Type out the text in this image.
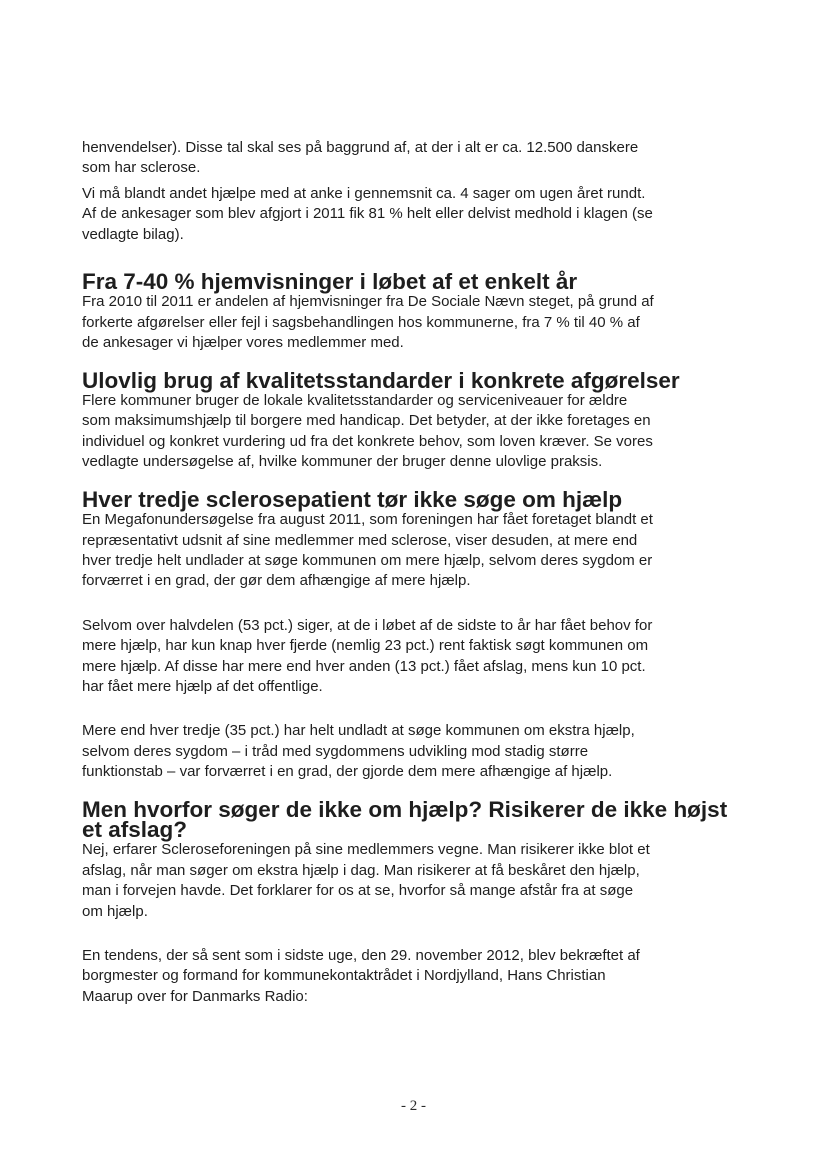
henvendelser). Disse tal skal ses på baggrund af, at der i alt er ca. 12.500 danskere
som har sclerose.

Vi må blandt andet hjælpe med at anke i gennemsnit ca. 4 sager om ugen året rundt.
Af de ankesager som blev afgjort i 2011 fik 81 % helt eller delvist medhold i klagen (se
vedlagte bilag).

Fra 7-40 % hjemvisninger i løbet af et enkelt år

Fra 2010 til 2011 er andelen af hjemvisninger fra De Sociale Nævn steget, på grund af
forkerte afgørelser eller fejl i sagsbehandlingen hos kommunerne, fra 7 % til 40 % af
de ankesager vi hjælper vores medlemmer med.

Ulovlig brug af kvalitetsstandarder i konkrete afgørelser

Flere kommuner bruger de lokale kvalitetsstandarder og serviceniveauer for ældre
som maksimumshjælp til borgere med handicap. Det betyder, at der ikke foretages en
individuel og konkret vurdering ud fra det konkrete behov, som loven kræver. Se vores
vedlagte undersøgelse af, hvilke kommuner der bruger denne ulovlige praksis.

Hver tredje sclerosepatient tør ikke søge om hjælp

En Megafonundersøgelse fra august 2011, som foreningen har fået foretaget blandt et
repræsentativt udsnit af sine medlemmer med sclerose, viser desuden, at mere end
hver tredje helt undlader at søge kommunen om mere hjælp, selvom deres sygdom er
forværret i en grad, der gør dem afhængige af mere hjælp.

Selvom over halvdelen (53 pct.) siger, at de i løbet af de sidste to år har fået behov for
mere hjælp, har kun knap hver fjerde (nemlig 23 pct.) rent faktisk søgt kommunen om
mere hjælp. Af disse har mere end hver anden (13 pct.) fået afslag, mens kun 10 pct.
har fået mere hjælp af det offentlige.

Mere end hver tredje (35 pct.) har helt undladt at søge kommunen om ekstra hjælp,
selvom deres sygdom – i tråd med sygdommens udvikling mod stadig større
funktionstab – var forværret i en grad, der gjorde dem mere afhængige af hjælp.

Men hvorfor søger de ikke om hjælp? Risikerer de ikke højst et afslag?

Nej, erfarer Scleroseforeningen på sine medlemmers vegne. Man risikerer ikke blot et
afslag, når man søger om ekstra hjælp i dag. Man risikerer at få beskåret den hjælp,
man i forvejen havde. Det forklarer for os at se, hvorfor så mange afstår fra at søge
om hjælp.

En tendens, der så sent som i sidste uge, den 29. november 2012, blev bekræftet af
borgmester og formand for kommunekontaktrådet i Nordjylland, Hans Christian
Maarup over for Danmarks Radio:

- 2 -
